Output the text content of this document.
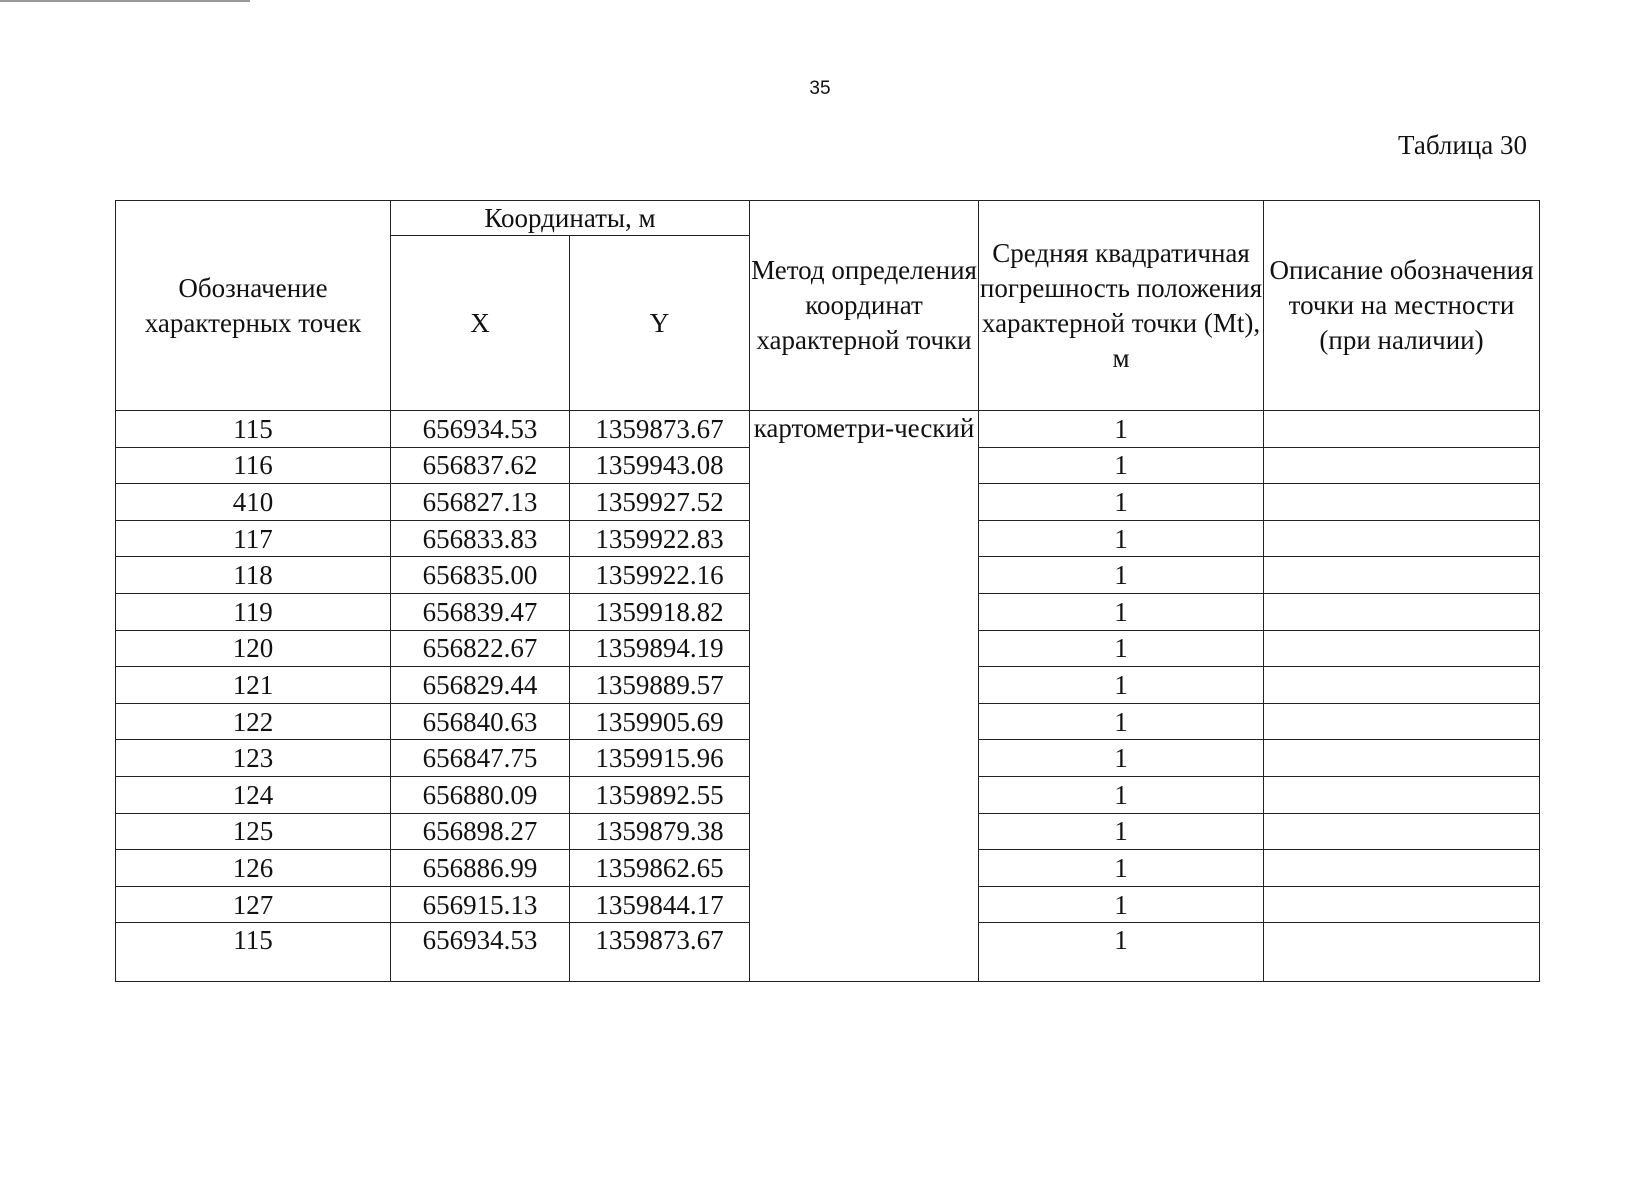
35
Таблица 30
Обозначение характерных точек	Координаты, м		Метод определения координат характерной точки	Средняя квадратичная погрешность положения характерной точки (Mt), м	Описание обозначения точки на местности (при наличии)
	X	Y			
115	656934.53	1359873.67	картометри-ческий	1	
116	656837.62	1359943.08		1	
410	656827.13	1359927.52		1	
117	656833.83	1359922.83		1	
118	656835.00	1359922.16		1	
119	656839.47	1359918.82		1	
120	656822.67	1359894.19		1	
121	656829.44	1359889.57		1	
122	656840.63	1359905.69		1	
123	656847.75	1359915.96		1	
124	656880.09	1359892.55		1	
125	656898.27	1359879.38		1	
126	656886.99	1359862.65		1	
127	656915.13	1359844.17		1	
115	656934.53	1359873.67		1	
